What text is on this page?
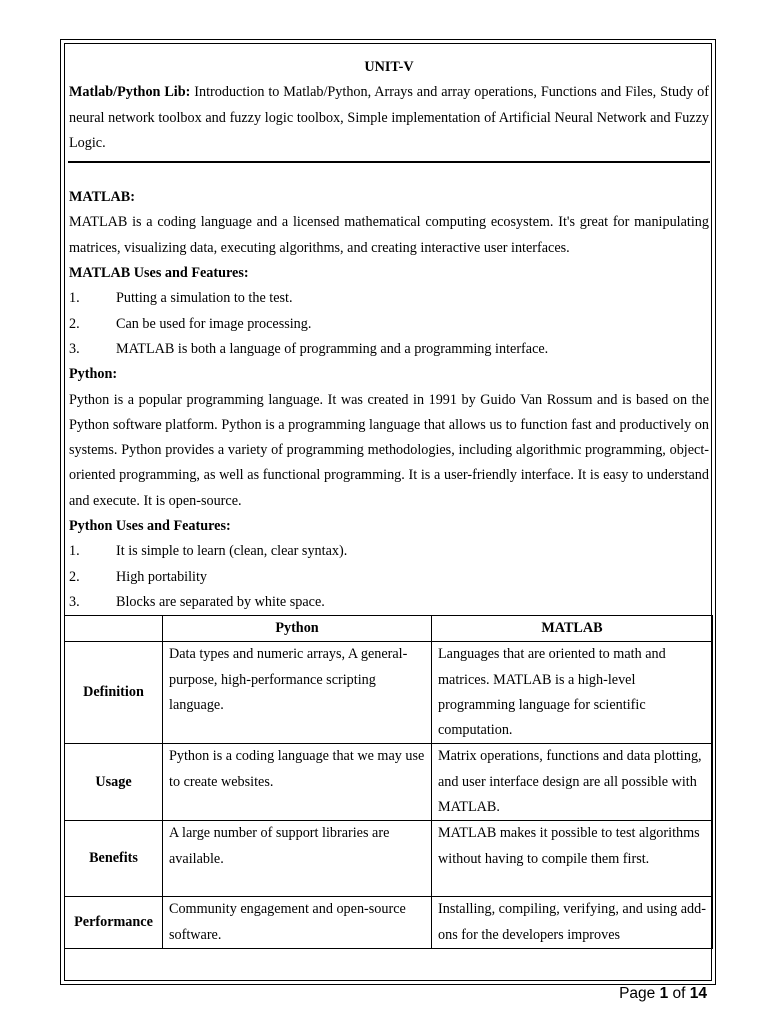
UNIT-V

Matlab/Python Lib: Introduction to Matlab/Python, Arrays and array operations, Functions and Files, Study of neural network toolbox and fuzzy logic toolbox, Simple implementation of Artificial Neural Network and Fuzzy Logic.

MATLAB:

MATLAB is a coding language and a licensed mathematical computing ecosystem. It's great for manipulating matrices, visualizing data, executing algorithms, and creating interactive user interfaces.

MATLAB Uses and Features:

1.	Putting a simulation to the test.
2.	Can be used for image processing.
3.	MATLAB is both a language of programming and a programming interface.

Python:

Python is a popular programming language. It was created in 1991 by Guido Van Rossum and is based on the Python software platform. Python is a programming language that allows us to function fast and productively on systems. Python provides a variety of programming methodologies, including algorithmic programming, object-oriented programming, as well as functional programming. It is a user-friendly interface. It is easy to understand and execute. It is open-source.

Python Uses and Features:

1.	It is simple to learn (clean, clear syntax).
2.	High portability
3.	Blocks are separated by white space.
	Python	MATLAB
Definition	Data types and numeric arrays, A general-purpose, high-performance scripting language.	Languages that are oriented to math and matrices. MATLAB is a high-level programming language for scientific computation.
Usage	Python is a coding language that we may use to create websites.	Matrix operations, functions and data plotting, and user interface design are all possible with MATLAB.
Benefits	A large number of support libraries are available.	MATLAB makes it possible to test algorithms without having to compile them first.
Performance	Community engagement and open-source software.	Installing, compiling, verifying, and using add-ons for the developers improves
Page 1 of 14
